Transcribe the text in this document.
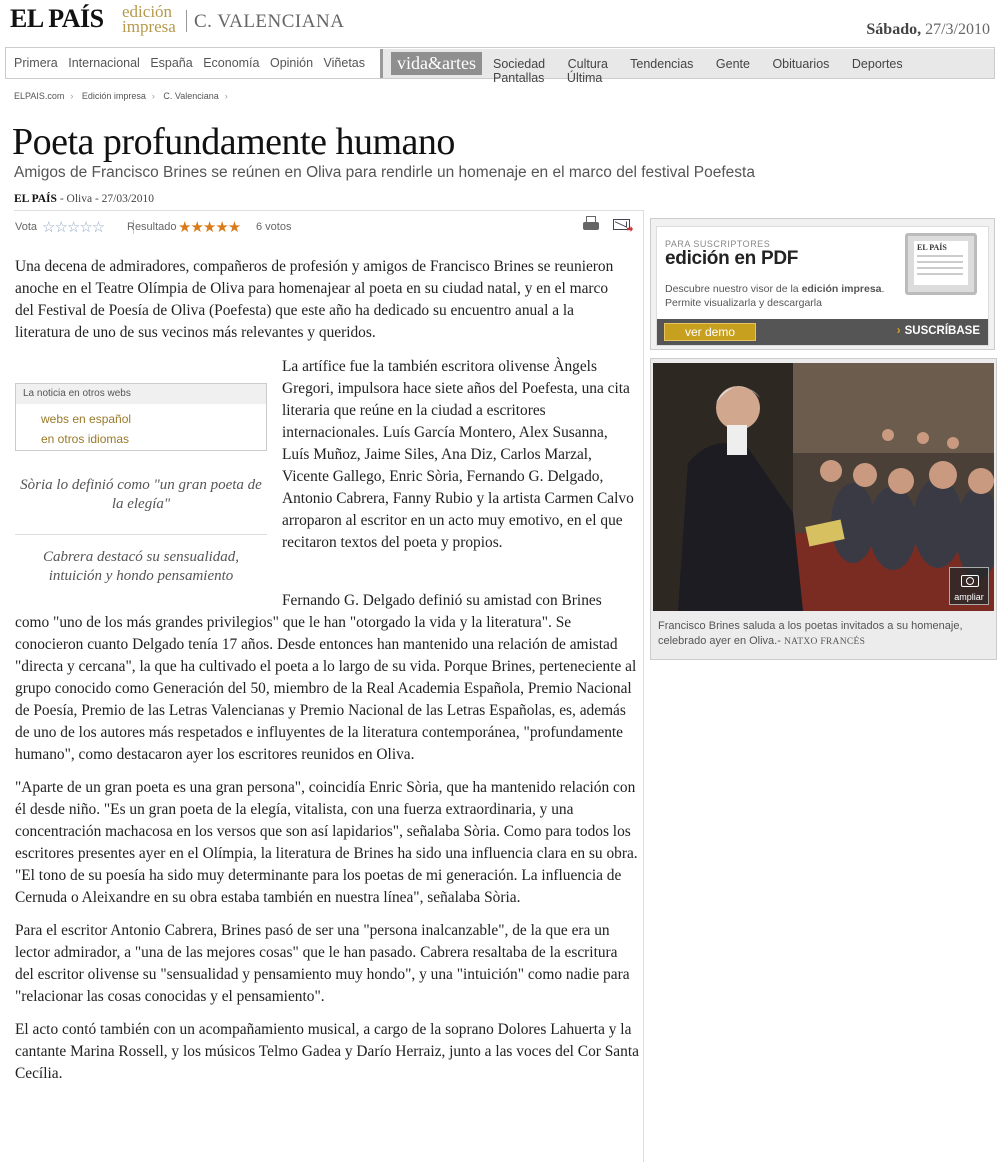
EL PAÍS edición
impresa C. VALENCIANA	Sábado, 27/3/2010
Primera Internacional España Economía Opinión Viñetas	vida&artes	Sociedad Cultura Tendencias Gente Obituarios Deportes Pantallas Última
ELPAIS.com › Edición impresa › C. Valenciana ›
Poeta profundamente humano
Amigos de Francisco Brines se reúnen en Oliva para rendirle un homenaje en el marco del festival Poefesta
EL PAÍS - Oliva - 27/03/2010
Vota ☆☆☆☆☆ Resultado ★★★★★ 6 votos

Una decena de admiradores, compañeros de profesión y amigos de Francisco Brines se reunieron anoche en el Teatre Olímpia de Oliva para homenajear al poeta en su ciudad natal, y en el marco del Festival de Poesía de Oliva (Poefesta) que este año ha dedicado su encuentro anual a la literatura de uno de sus vecinos más relevantes y queridos.

La noticia en otros webs
webs en español
en otros idiomas
Sòria lo definió como "un gran poeta de la elegía"
Cabrera destacó su sensualidad, intuición y hondo pensamiento

La artífice fue la también escritora olivense Àngels Gregori, impulsora hace siete años del Poefesta, una cita literaria que reúne en la ciudad a escritores internacionales. Luís García Montero, Alex Susanna, Luís Muñoz, Jaime Siles, Ana Diz, Carlos Marzal, Vicente Gallego, Enric Sòria, Fernando G. Delgado, Antonio Cabrera, Fanny Rubio y la artista Carmen Calvo arroparon al escritor en un acto muy emotivo, en el que recitaron textos del poeta y propios.

Fernando G. Delgado definió su amistad con Brines como "uno de los más grandes privilegios" que le han "otorgado la vida y la literatura". Se conocieron cuanto Delgado tenía 17 años. Desde entonces han mantenido una relación de amistad "directa y cercana", la que ha cultivado el poeta a lo largo de su vida. Porque Brines, perteneciente al grupo conocido como Generación del 50, miembro de la Real Academia Española, Premio Nacional de Poesía, Premio de las Letras Valencianas y Premio Nacional de las Letras Españolas, es, además de uno de los autores más respetados e influyentes de la literatura contemporánea, "profundamente humano", como destacaron ayer los escritores reunidos en Oliva.

"Aparte de un gran poeta es una gran persona", coincidía Enric Sòria, que ha mantenido relación con él desde niño. "Es un gran poeta de la elegía, vitalista, con una fuerza extraordinaria, y una concentración machacosa en los versos que son así lapidarios", señalaba Sòria. Como para todos los escritores presentes ayer en el Olímpia, la literatura de Brines ha sido una influencia clara en su obra. "El tono de su poesía ha sido muy determinante para los poetas de mi generación. La influencia de Cernuda o Aleixandre en su obra estaba también en nuestra línea", señalaba Sòria.

Para el escritor Antonio Cabrera, Brines pasó de ser una "persona inalcanzable", de la que era un lector admirador, a "una de las mejores cosas" que le han pasado. Cabrera resaltaba de la escritura del escritor olivense su "sensualidad y pensamiento muy hondo", y una "intuición" como nadie para "relacionar las cosas conocidas y el pensamiento".

El acto contó también con un acompañamiento musical, a cargo de la soprano Dolores Lahuerta y la cantante Marina Rossell, y los músicos Telmo Gadea y Darío Herraiz, junto a las voces del Cor Santa Cecília.

PARA SUSCRIPTORES
edición en PDF
Descubre nuestro visor de la edición impresa. Permite visualizarla y descargarla
EL PAÍS
ver demo	› SUSCRÍBASE
ampliar
Francisco Brines saluda a los poetas invitados a su homenaje, celebrado ayer en Oliva.- NATXO FRANCÉS
